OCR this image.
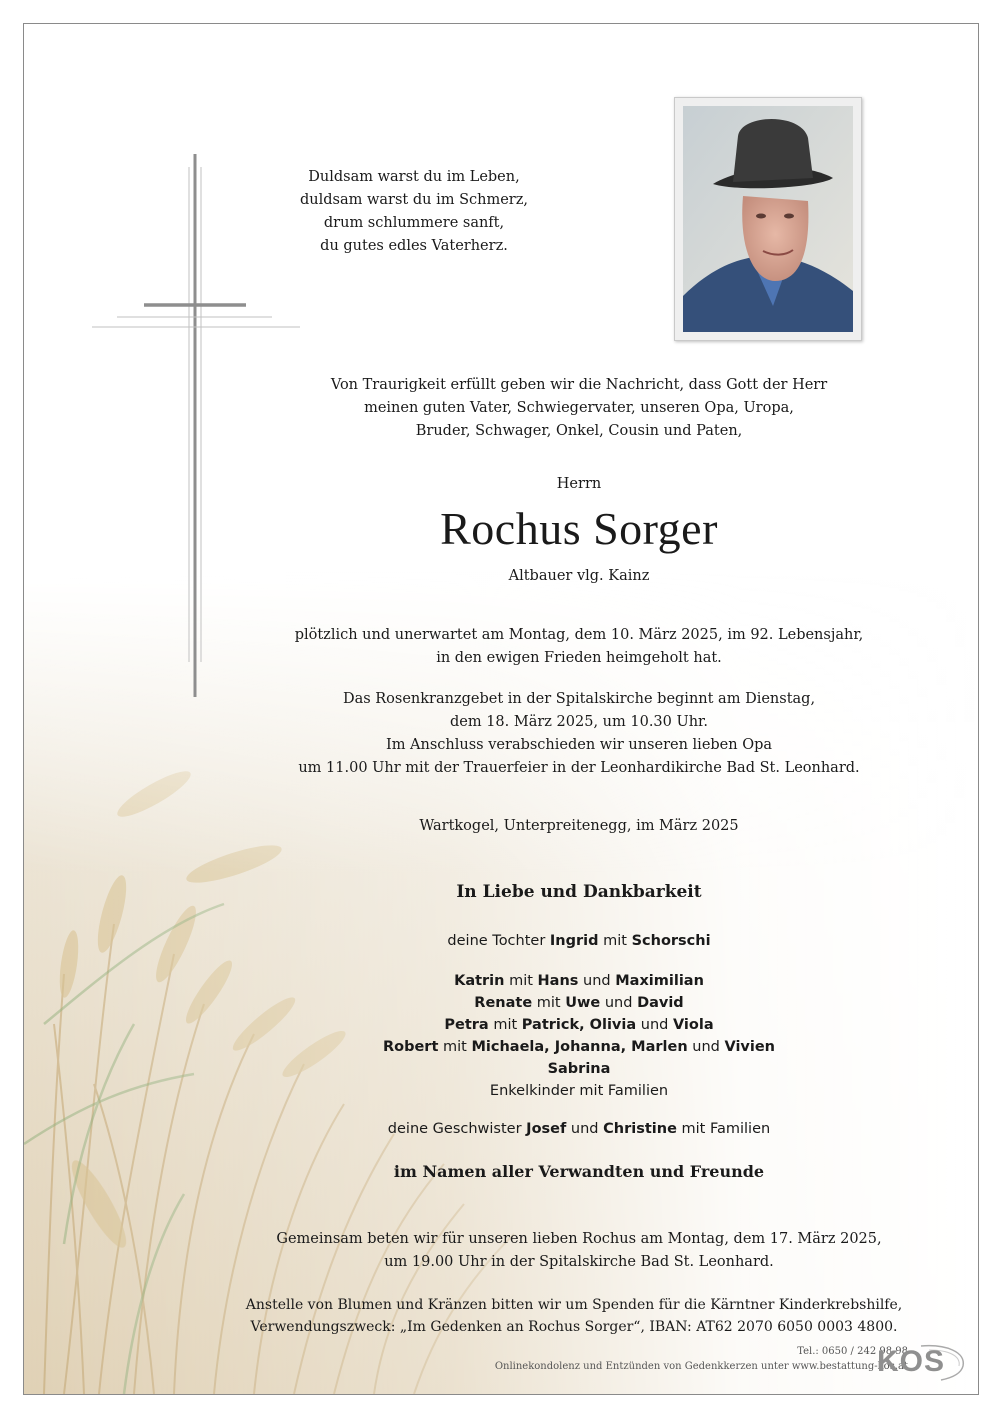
Duldsam warst du im Leben,
duldsam warst du im Schmerz,
drum schlummere sanft,
du gutes edles Vaterherz.
Von Traurigkeit erfüllt geben wir die Nachricht, dass Gott der Herr
meinen guten Vater, Schwiegervater, unseren Opa, Uropa,
Bruder, Schwager, Onkel, Cousin und Paten,
Herrn
Rochus Sorger
Altbauer vlg. Kainz
plötzlich und unerwartet am Montag, dem 10. März 2025, im 92. Lebensjahr,
in den ewigen Frieden heimgeholt hat.
Das Rosenkranzgebet in der Spitalskirche beginnt am Dienstag,
dem 18. März 2025, um 10.30 Uhr.
Im Anschluss verabschieden wir unseren lieben Opa
um 11.00 Uhr mit der Trauerfeier in der Leonhardikirche Bad St. Leonhard.
Wartkogel, Unterpreitenegg, im März 2025
In Liebe und Dankbarkeit
deine Tochter Ingrid mit Schorschi
Katrin mit Hans und Maximilian
Renate mit Uwe und David
Petra mit Patrick, Olivia und Viola
Robert mit Michaela, Johanna, Marlen und Vivien
Sabrina
Enkelkinder mit Familien
deine Geschwister Josef und Christine mit Familien
im Namen aller Verwandten und Freunde
Gemeinsam beten wir für unseren lieben Rochus am Montag, dem 17. März 2025,
um 19.00 Uhr in der Spitalskirche Bad St. Leonhard.
Anstelle von Blumen und Kränzen bitten wir um Spenden für die Kärntner Kinderkrebshilfe,
Verwendungszweck: „Im Gedenken an Rochus Sorger“, IBAN: AT62 2070 6050 0003 4800.
Tel.: 0650 / 242 98 98
Onlinekondolenz und Entzünden von Gedenkkerzen unter www.bestattung-kos.at
KOS
